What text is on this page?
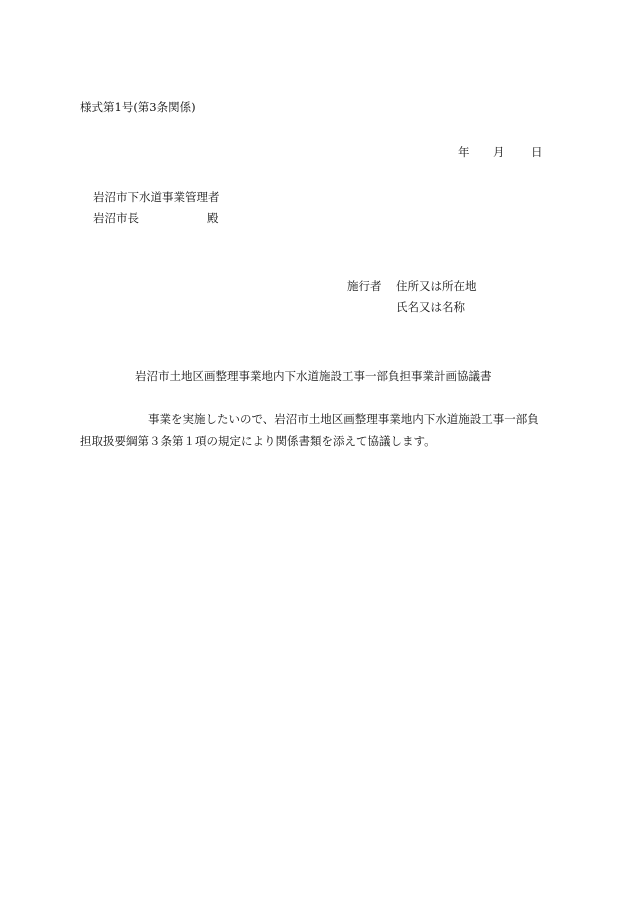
様式第1号(第3条関係)
年 月 日
岩沼市下水道事業管理者
岩沼市長	殿
施行者 住所又は所在地
氏名又は名称
岩沼市土地区画整理事業地内下水道施設工事一部負担事業計画協議書
事業を実施したいので、岩沼市土地区画整理事業地内下水道施設工事一部負
担取扱要綱第３条第１項の規定により関係書類を添えて協議します。
